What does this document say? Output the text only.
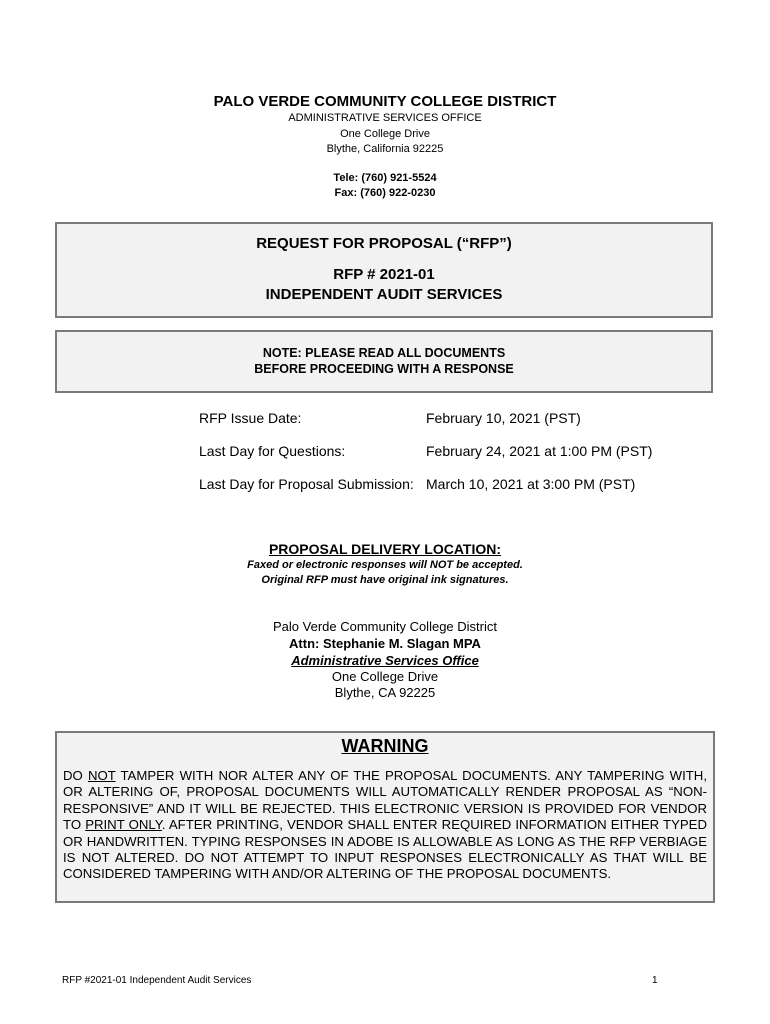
PALO VERDE COMMUNITY COLLEGE DISTRICT
ADMINISTRATIVE SERVICES OFFICE
One College Drive
Blythe, California 92225
Tele: (760) 921-5524
Fax: (760) 922-0230
REQUEST FOR PROPOSAL (“RFP”)
RFP # 2021-01
INDEPENDENT AUDIT SERVICES
NOTE: PLEASE READ ALL DOCUMENTS
BEFORE PROCEEDING WITH A RESPONSE
RFP Issue Date:	February 10, 2021 (PST)
Last Day for Questions:	February 24, 2021 at 1:00 PM (PST)
Last Day for Proposal Submission: March 10, 2021 at 3:00 PM (PST)
PROPOSAL DELIVERY LOCATION:
Faxed or electronic responses will NOT be accepted.
Original RFP must have original ink signatures.
Palo Verde Community College District
Attn: Stephanie M. Slagan MPA
Administrative Services Office
One College Drive
Blythe, CA 92225
WARNING
DO NOT TAMPER WITH NOR ALTER ANY OF THE PROPOSAL DOCUMENTS. ANY TAMPERING WITH, OR ALTERING OF, PROPOSAL DOCUMENTS WILL AUTOMATICALLY RENDER PROPOSAL AS “NON-RESPONSIVE” AND IT WILL BE REJECTED. THIS ELECTRONIC VERSION IS PROVIDED FOR VENDOR TO PRINT ONLY. AFTER PRINTING, VENDOR SHALL ENTER REQUIRED INFORMATION EITHER TYPED OR HANDWRITTEN. TYPING RESPONSES IN ADOBE IS ALLOWABLE AS LONG AS THE RFP VERBIAGE IS NOT ALTERED. DO NOT ATTEMPT TO INPUT RESPONSES ELECTRONICALLY AS THAT WILL BE CONSIDERED TAMPERING WITH AND/OR ALTERING OF THE PROPOSAL DOCUMENTS.
RFP #2021-01 Independent Audit Services	1
